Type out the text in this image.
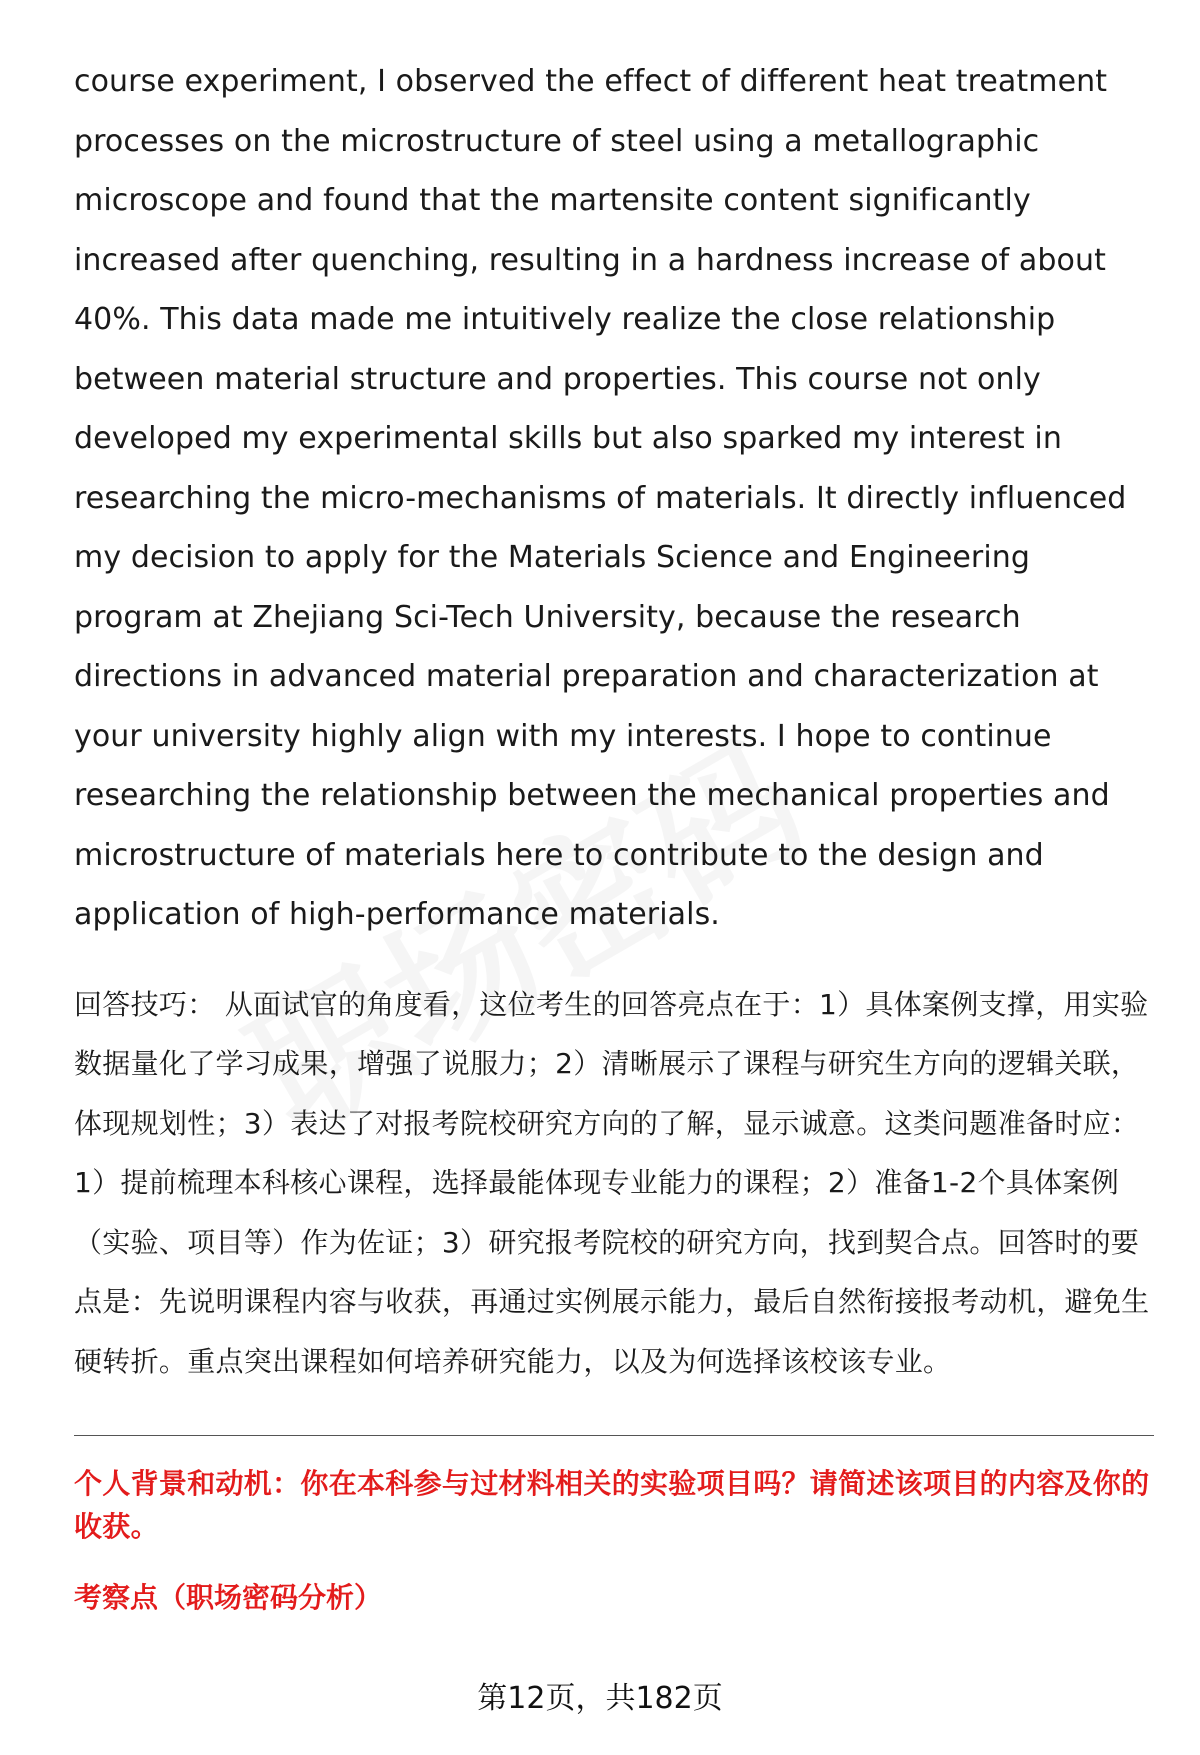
course experiment, I observed the effect of different heat treatment processes on the microstructure of steel using a metallographic microscope and found that the martensite content significantly increased after quenching, resulting in a hardness increase of about 40%. This data made me intuitively realize the close relationship between material structure and properties. This course not only developed my experimental skills but also sparked my interest in researching the micro-mechanisms of materials. It directly influenced my decision to apply for the Materials Science and Engineering program at Zhejiang Sci-Tech University, because the research directions in advanced material preparation and characterization at your university highly align with my interests. I hope to continue researching the relationship between the mechanical properties and microstructure of materials here to contribute to the design and application of high-performance materials.

回答技巧： 从面试官的角度看，这位考生的回答亮点在于：1）具体案例支撑，用实验数据量化了学习成果，增强了说服力；2）清晰展示了课程与研究生方向的逻辑关联，体现规划性；3）表达了对报考院校研究方向的了解，显示诚意。这类问题准备时应：1）提前梳理本科核心课程，选择最能体现专业能力的课程；2）准备1-2个具体案例（实验、项目等）作为佐证；3）研究报考院校的研究方向，找到契合点。回答时的要点是：先说明课程内容与收获，再通过实例展示能力，最后自然衔接报考动机，避免生硬转折。重点突出课程如何培养研究能力，以及为何选择该校该专业。

个人背景和动机：你在本科参与过材料相关的实验项目吗？请简述该项目的内容及你的收获。

考察点（职场密码分析）

第12页，共182页
